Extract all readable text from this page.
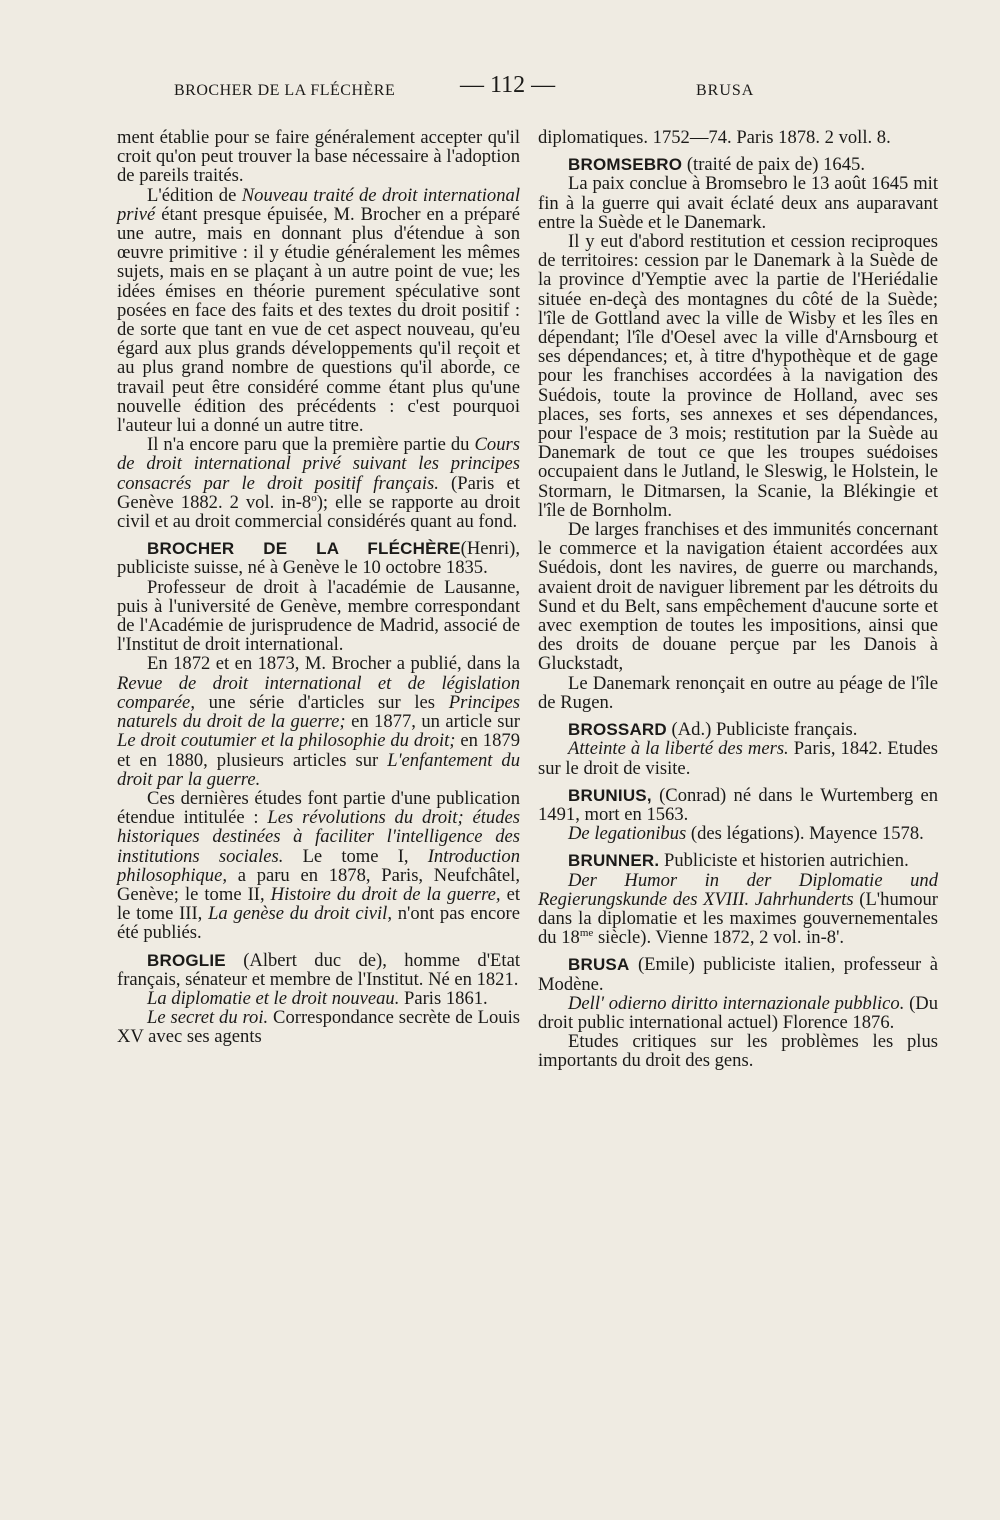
BROCHER DE LA FLÉCHÈRE	— 112 —	BRUSA

ment établie pour se faire généralement accepter qu'il croit qu'on peut trouver la base nécessaire à l'adoption de pareils traités.

L'édition de Nouveau traité de droit international privé étant presque épuisée, M. Brocher en a préparé une autre, mais en donnant plus d'étendue à son œuvre primitive : il y étudie généralement les mêmes sujets, mais en se plaçant à un autre point de vue; les idées émises en théorie purement spéculative sont posées en face des faits et des textes du droit positif : de sorte que tant en vue de cet aspect nouveau, qu'eu égard aux plus grands développements qu'il reçoit et au plus grand nombre de questions qu'il aborde, ce travail peut être considéré comme étant plus qu'une nouvelle édition des précédents : c'est pourquoi l'auteur lui a donné un autre titre.

Il n'a encore paru que la première partie du Cours de droit international privé suivant les principes consacrés par le droit positif français. (Paris et Genève 1882. 2 vol. in-8$^o$); elle se rapporte au droit civil et au droit commercial considérés quant au fond.

BROCHER DE LA FLÉCHÈRE(Henri), publiciste suisse, né à Genève le 10 octobre 1835.

Professeur de droit à l'académie de Lausanne, puis à l'université de Genève, membre correspondant de l'Académie de jurisprudence de Madrid, associé de l'Institut de droit international.

En 1872 et en 1873, M. Brocher a publié, dans la Revue de droit international et de législation comparée, une série d'articles sur les Principes naturels du droit de la guerre; en 1877, un article sur Le droit coutumier et la philosophie du droit; en 1879 et en 1880, plusieurs articles sur L'enfantement du droit par la guerre.

Ces dernières études font partie d'une publication étendue intitulée : Les révolutions du droit; études historiques destinées à faciliter l'intelligence des institutions sociales. Le tome I, Introduction philosophique, a paru en 1878, Paris, Neufchâtel, Genève; le tome II, Histoire du droit de la guerre, et le tome III, La genèse du droit civil, n'ont pas encore été publiés.

BROGLIE (Albert duc de), homme d'Etat français, sénateur et membre de l'Institut. Né en 1821.

La diplomatie et le droit nouveau. Paris 1861.

Le secret du roi. Correspondance secrète de Louis XV avec ses agents

diplomatiques. 1752—74. Paris 1878. 2 voll. 8.

BROMSEBRO (traité de paix de) 1645.

La paix conclue à Bromsebro le 13 août 1645 mit fin à la guerre qui avait éclaté deux ans auparavant entre la Suède et le Danemark.

Il y eut d'abord restitution et cession reciproques de territoires: cession par le Danemark à la Suède de la province d'Yemptie avec la partie de l'Heriédalie située en-deçà des montagnes du côté de la Suède; l'île de Gottland avec la ville de Wisby et les îles en dépendant; l'île d'Oesel avec la ville d'Arnsbourg et ses dépendances; et, à titre d'hypothèque et de gage pour les franchises accordées à la navigation des Suédois, toute la province de Holland, avec ses places, ses forts, ses annexes et ses dépendances, pour l'espace de 3 mois; restitution par la Suède au Danemark de tout ce que les troupes suédoises occupaient dans le Jutland, le Sleswig, le Holstein, le Stormarn, le Ditmarsen, la Scanie, la Blékingie et l'île de Bornholm.

De larges franchises et des immunités concernant le commerce et la navigation étaient accordées aux Suédois, dont les navires, de guerre ou marchands, avaient droit de naviguer librement par les détroits du Sund et du Belt, sans empêchement d'aucune sorte et avec exemption de toutes les impositions, ainsi que des droits de douane perçue par les Danois à Gluckstadt,

Le Danemark renonçait en outre au péage de l'île de Rugen.

BROSSARD (Ad.) Publiciste français.

Atteinte à la liberté des mers. Paris, 1842. Etudes sur le droit de visite.

BRUNIUS, (Conrad) né dans le Wurtemberg en 1491, mort en 1563.

De legationibus (des légations). Mayence 1578.

BRUNNER. Publiciste et historien autrichien.

Der Humor in der Diplomatie und Regierungskunde des XVIII. Jahrhunderts (L'humour dans la diplomatie et les maximes gouvernementales du $18^{me}$ siècle). Vienne 1872, 2 vol. in-8'.

BRUSA (Emile) publiciste italien, professeur à Modène.

Dell' odierno diritto internazionale pubblico. (Du droit public international actuel) Florence 1876.

Etudes critiques sur les problèmes les plus importants du droit des gens.
